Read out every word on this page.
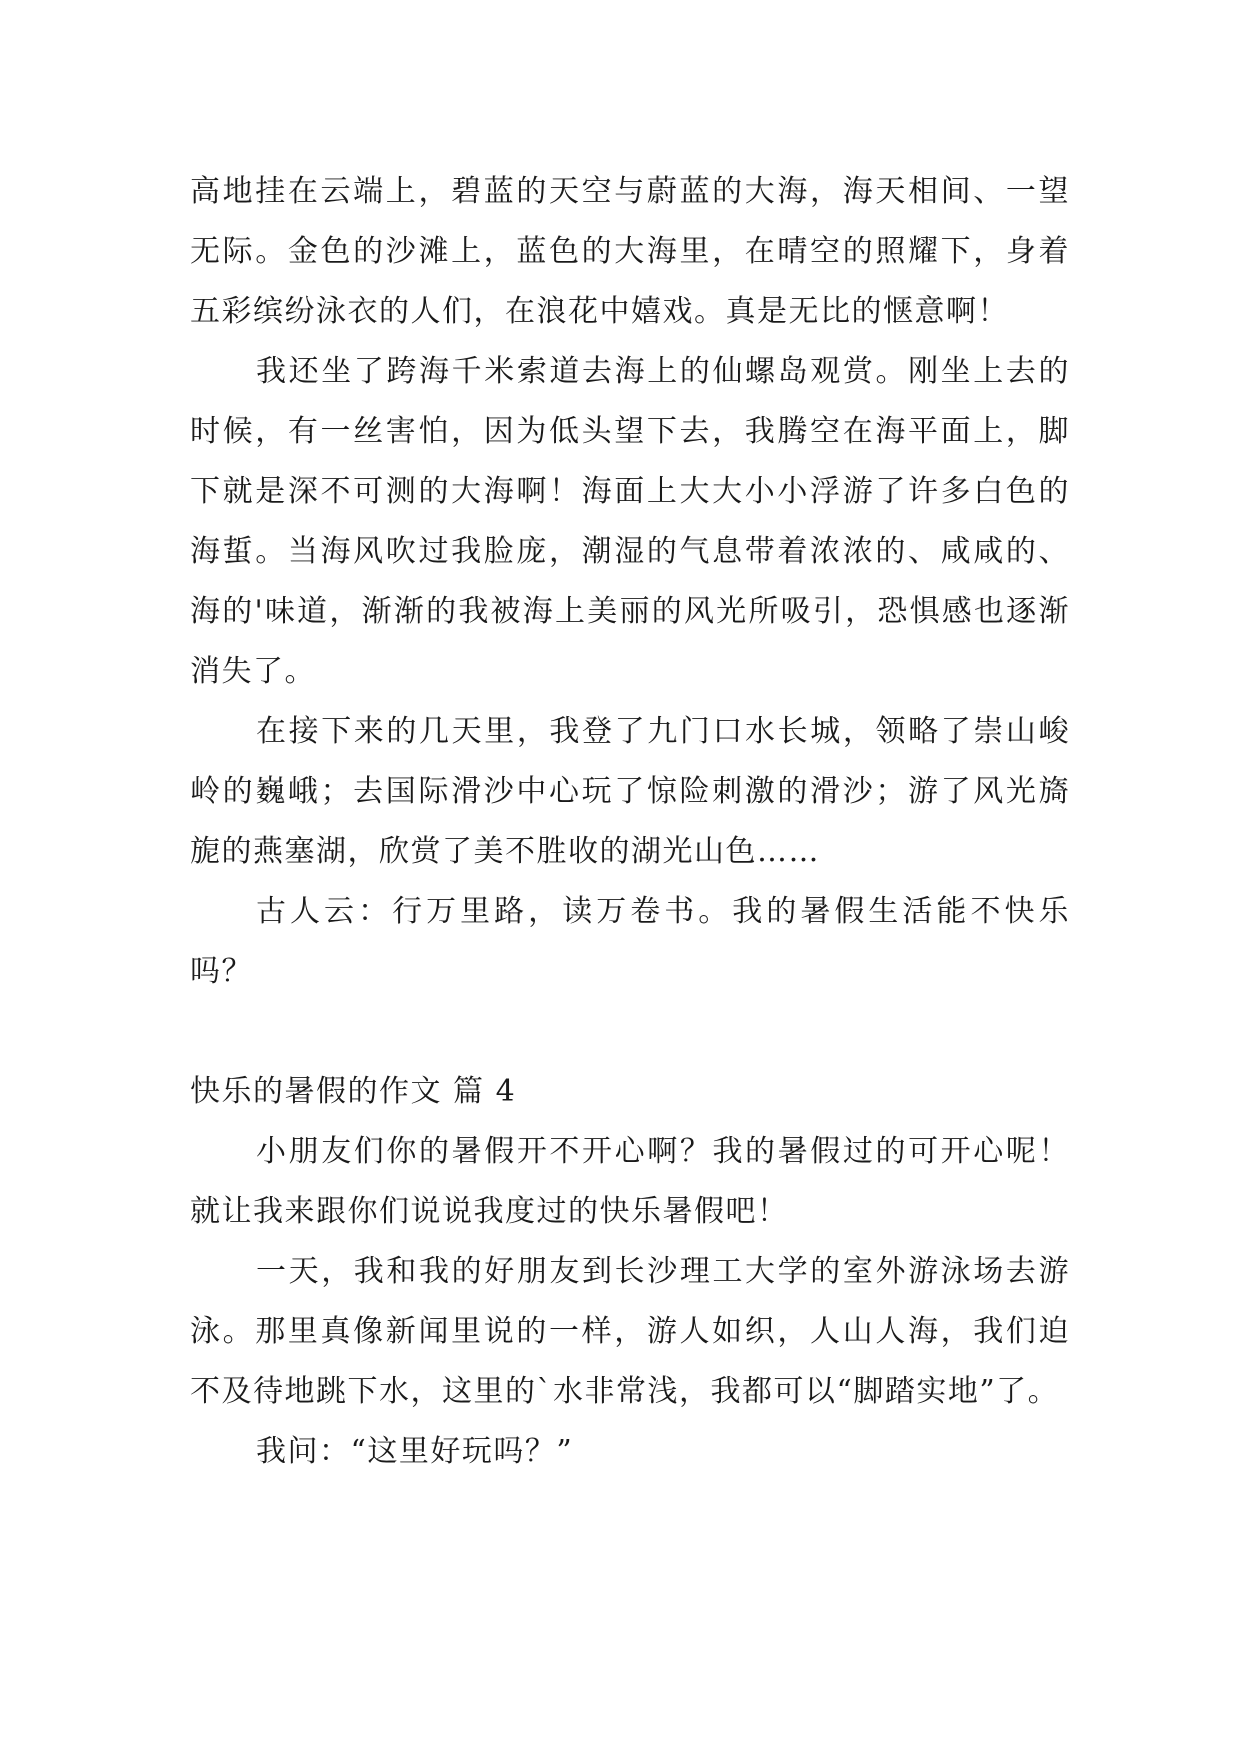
高地挂在云端上，碧蓝的天空与蔚蓝的大海，海天相间、一望无际。金色的沙滩上，蓝色的大海里，在晴空的照耀下，身着五彩缤纷泳衣的人们，在浪花中嬉戏。真是无比的惬意啊！

我还坐了跨海千米索道去海上的仙螺岛观赏。刚坐上去的时候，有一丝害怕，因为低头望下去，我腾空在海平面上，脚下就是深不可测的大海啊！海面上大大小小浮游了许多白色的海蜇。当海风吹过我脸庞，潮湿的气息带着浓浓的、咸咸的、海的'味道，渐渐的我被海上美丽的风光所吸引，恐惧感也逐渐消失了。

在接下来的几天里，我登了九门口水长城，领略了崇山峻岭的巍峨；去国际滑沙中心玩了惊险刺激的滑沙；游了风光旖旎的燕塞湖，欣赏了美不胜收的湖光山色……

古人云：行万里路，读万卷书。我的暑假生活能不快乐吗？

快乐的暑假的作文 篇 4

小朋友们你的暑假开不开心啊？我的暑假过的可开心呢！就让我来跟你们说说我度过的快乐暑假吧！

一天，我和我的好朋友到长沙理工大学的室外游泳场去游泳。那里真像新闻里说的一样，游人如织，人山人海，我们迫不及待地跳下水，这里的`水非常浅，我都可以“脚踏实地”了。

我问：“这里好玩吗？”
